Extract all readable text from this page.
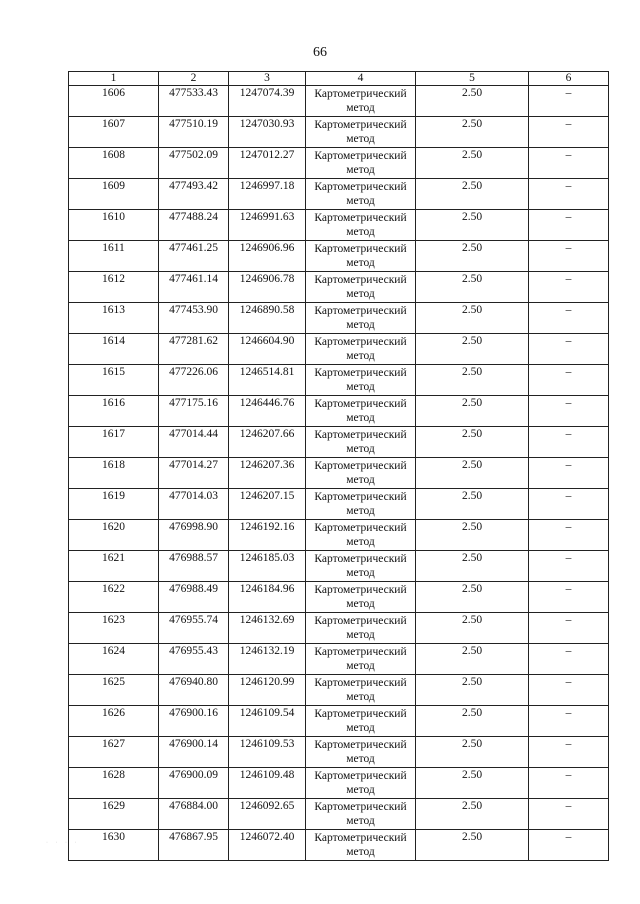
66
1	2	3	4	5	6
1606	477533.43	1247074.39	Картометрический метод	2.50	–
1607	477510.19	1247030.93	Картометрический метод	2.50	–
1608	477502.09	1247012.27	Картометрический метод	2.50	–
1609	477493.42	1246997.18	Картометрический метод	2.50	–
1610	477488.24	1246991.63	Картометрический метод	2.50	–
1611	477461.25	1246906.96	Картометрический метод	2.50	–
1612	477461.14	1246906.78	Картометрический метод	2.50	–
1613	477453.90	1246890.58	Картометрический метод	2.50	–
1614	477281.62	1246604.90	Картометрический метод	2.50	–
1615	477226.06	1246514.81	Картометрический метод	2.50	–
1616	477175.16	1246446.76	Картометрический метод	2.50	–
1617	477014.44	1246207.66	Картометрический метод	2.50	–
1618	477014.27	1246207.36	Картометрический метод	2.50	–
1619	477014.03	1246207.15	Картометрический метод	2.50	–
1620	476998.90	1246192.16	Картометрический метод	2.50	–
1621	476988.57	1246185.03	Картометрический метод	2.50	–
1622	476988.49	1246184.96	Картометрический метод	2.50	–
1623	476955.74	1246132.69	Картометрический метод	2.50	–
1624	476955.43	1246132.19	Картометрический метод	2.50	–
1625	476940.80	1246120.99	Картометрический метод	2.50	–
1626	476900.16	1246109.54	Картометрический метод	2.50	–
1627	476900.14	1246109.53	Картометрический метод	2.50	–
1628	476900.09	1246109.48	Картометрический метод	2.50	–
1629	476884.00	1246092.65	Картометрический метод	2.50	–
1630	476867.95	1246072.40	Картометрический метод	2.50	–
· · · ·
